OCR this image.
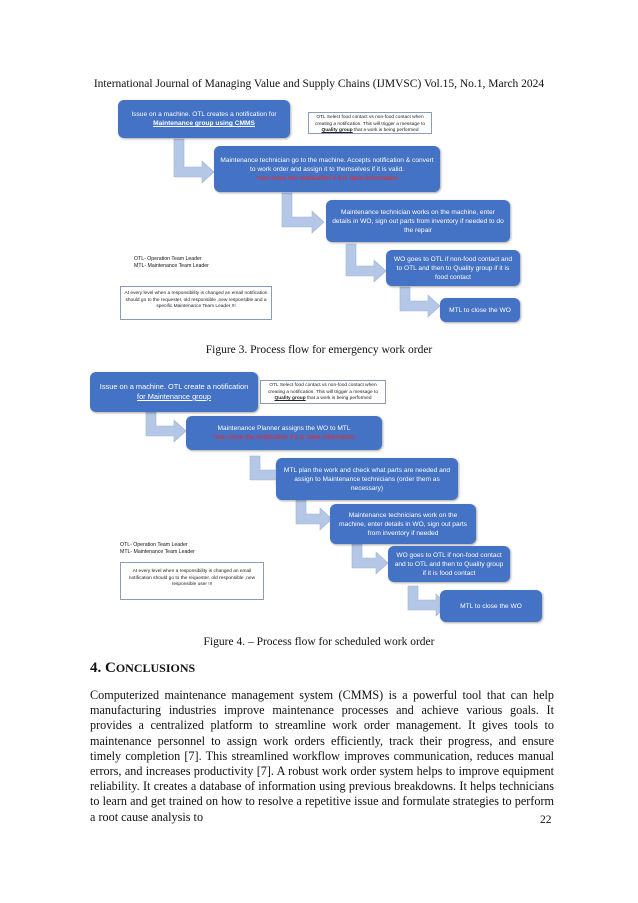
International Journal of Managing Value and Supply Chains (IJMVSC) Vol.15, No.1, March 2024
Issue on a machine. OTL creates a notification for
Maintenance group using CMMS
OTL Select food contact vs non-food contact when
creating a notification. This will trigger a message to
Quality group that a work is being performed
Maintenance technician go to the machine. Accepts notification & convert
to work order and assign it to themselves if it is valid.
*can close the notification if it is false information
Maintenance technician works on the machine, enter details in WO, sign out parts from inventory if needed to do the repair
WO goes to OTL if non-food contact and to OTL and then to Quality group if it is food contact
MTL to close the WO
OTL- Operation Team Leader
MTL- Maintenance Team Leader
At every level when a responsibility is changed an email notification should go to the requester, old responsible ,new responsible and a specific Maintenance Team Leader !!!
Figure 3. Process flow for emergency work order
Issue on a machine. OTL create a notification
for Maintenance group
OTL Select food contact vs non-food contact when
creating a notification. This will trigger a message to
Quality group that a work is being performed
Maintenance Planner assigns the WO to MTL
*can close the notification if it is false information
MTL plan the work and check what parts are needed and assign to Maintenance technicians (order them as necessary)
Maintenance technicians work on the machine, enter details in WO, sign out parts from inventory if needed
WO goes to OTL if non-food contact and to OTL and then to Quality group if it is food contact
MTL to close the WO
OTL- Operation Team Leader
MTL- Maintenance Team Leader
At every level when a responsibility is changed an email notification should go to the requester, old responsible ,new responsible user !!!
Figure 4. – Process flow for scheduled work order
4. CONCLUSIONS
Computerized maintenance management system (CMMS) is a powerful tool that can help manufacturing industries improve maintenance processes and achieve various goals. It provides a centralized platform to streamline work order management. It gives tools to maintenance personnel to assign work orders efficiently, track their progress, and ensure timely completion [7]. This streamlined workflow improves communication, reduces manual errors, and increases productivity [7]. A robust work order system helps to improve equipment reliability. It creates a database of information using previous breakdowns. It helps technicians to learn and get trained on how to resolve a repetitive issue and formulate strategies to perform a root cause analysis to	22
